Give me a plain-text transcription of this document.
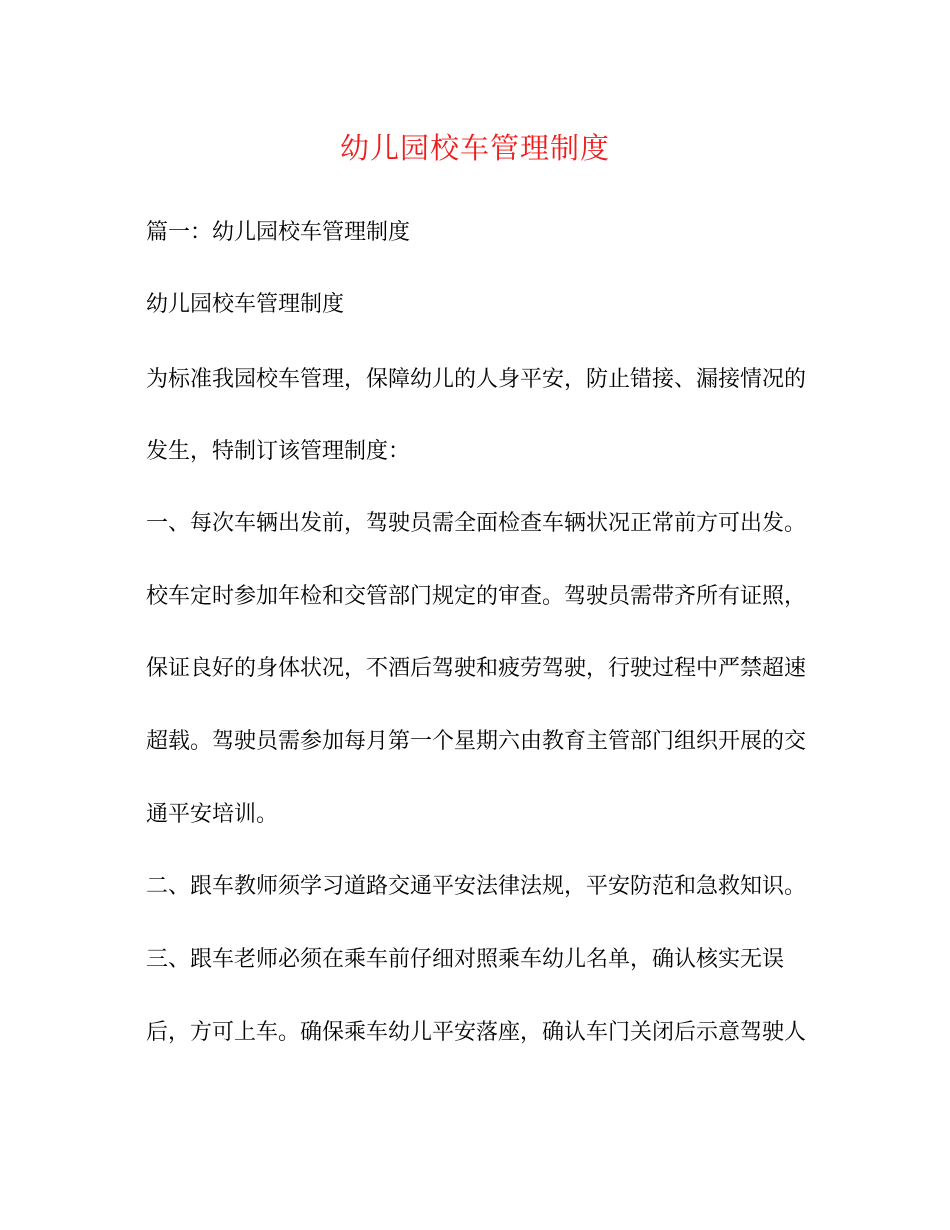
幼儿园校车管理制度
篇一：幼儿园校车管理制度
幼儿园校车管理制度
为标准我园校车管理，保障幼儿的人身平安，防止错接、漏接情况的
发生，特制订该管理制度：
一、每次车辆出发前，驾驶员需全面检查车辆状况正常前方可出发。
校车定时参加年检和交管部门规定的审查。驾驶员需带齐所有证照，
保证良好的身体状况，不酒后驾驶和疲劳驾驶，行驶过程中严禁超速
超载。驾驶员需参加每月第一个星期六由教育主管部门组织开展的交
通平安培训。
二、跟车教师须学习道路交通平安法律法规，平安防范和急救知识。
三、跟车老师必须在乘车前仔细对照乘车幼儿名单，确认核实无误
后，方可上车。确保乘车幼儿平安落座，确认车门关闭后示意驾驶人
